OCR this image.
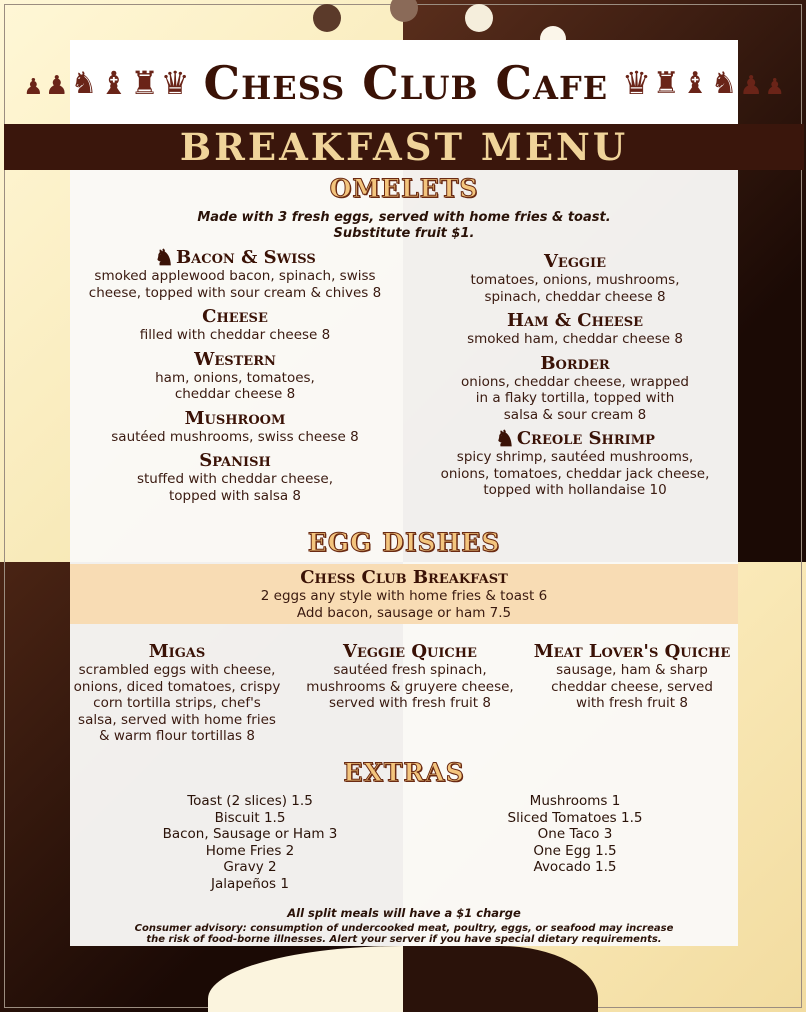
♟ ♟ ♞ ♝ ♜ ♛ Chess Club Cafe ♛ ♜ ♝ ♞ ♟ ♟
BREAKFAST MENU
OMELETS
Made with 3 fresh eggs, served with home fries & toast.
Substitute fruit $1.
♞ Bacon & Swiss
smoked applewood bacon, spinach, swiss
cheese, topped with sour cream & chives 8
Cheese
filled with cheddar cheese 8
Western
ham, onions, tomatoes,
cheddar cheese 8
Mushroom
sautéed mushrooms, swiss cheese 8
Spanish
stuffed with cheddar cheese,
topped with salsa 8
Veggie
tomatoes, onions, mushrooms,
spinach, cheddar cheese 8
Ham & Cheese
smoked ham, cheddar cheese 8
Border
onions, cheddar cheese, wrapped
in a flaky tortilla, topped with
salsa & sour cream 8
♞ Creole Shrimp
spicy shrimp, sautéed mushrooms,
onions, tomatoes, cheddar jack cheese,
topped with hollandaise 10
EGG DISHES
Chess Club Breakfast
2 eggs any style with home fries & toast 6
Add bacon, sausage or ham 7.5
Migas
scrambled eggs with cheese,
onions, diced tomatoes, crispy
corn tortilla strips, chef's
salsa, served with home fries
& warm flour tortillas 8
Veggie Quiche
sautéed fresh spinach,
mushrooms & gruyere cheese,
served with fresh fruit 8
Meat Lover's Quiche
sausage, ham & sharp
cheddar cheese, served
with fresh fruit 8
EXTRAS
Toast (2 slices) 1.5
Biscuit 1.5
Bacon, Sausage or Ham 3
Home Fries 2
Gravy 2
Jalapeños 1
Mushrooms 1
Sliced Tomatoes 1.5
One Taco 3
One Egg 1.5
Avocado 1.5
All split meals will have a $1 charge
Consumer advisory: consumption of undercooked meat, poultry, eggs, or seafood may increase
the risk of food-borne illnesses. Alert your server if you have special dietary requirements.
